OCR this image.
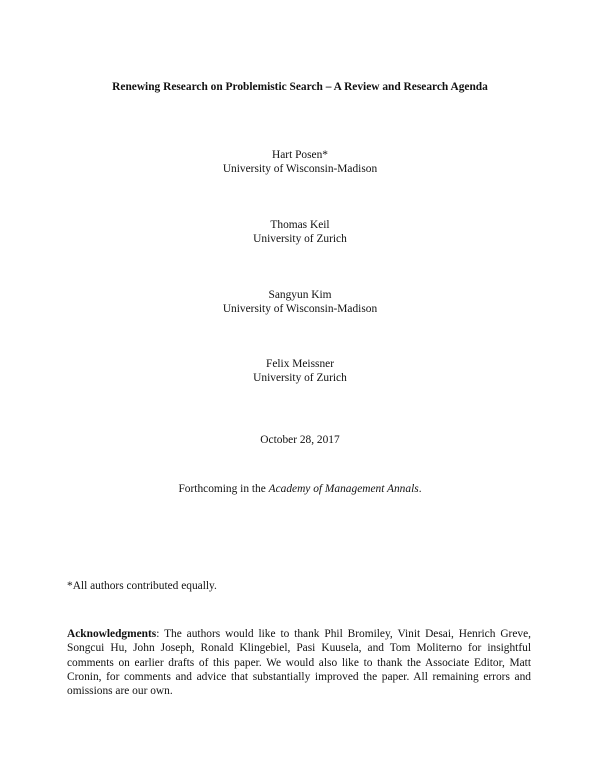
Renewing Research on Problemistic Search – A Review and Research Agenda
Hart Posen*
University of Wisconsin-Madison
Thomas Keil
University of Zurich
Sangyun Kim
University of Wisconsin-Madison
Felix Meissner
University of Zurich
October 28, 2017
Forthcoming in the Academy of Management Annals.
*All authors contributed equally.
Acknowledgments: The authors would like to thank Phil Bromiley, Vinit Desai, Henrich Greve,
Songcui Hu, John Joseph, Ronald Klingebiel, Pasi Kuusela, and Tom Moliterno for insightful
comments on earlier drafts of this paper. We would also like to thank the Associate Editor, Matt
Cronin, for comments and advice that substantially improved the paper. All remaining errors and
omissions are our own.
